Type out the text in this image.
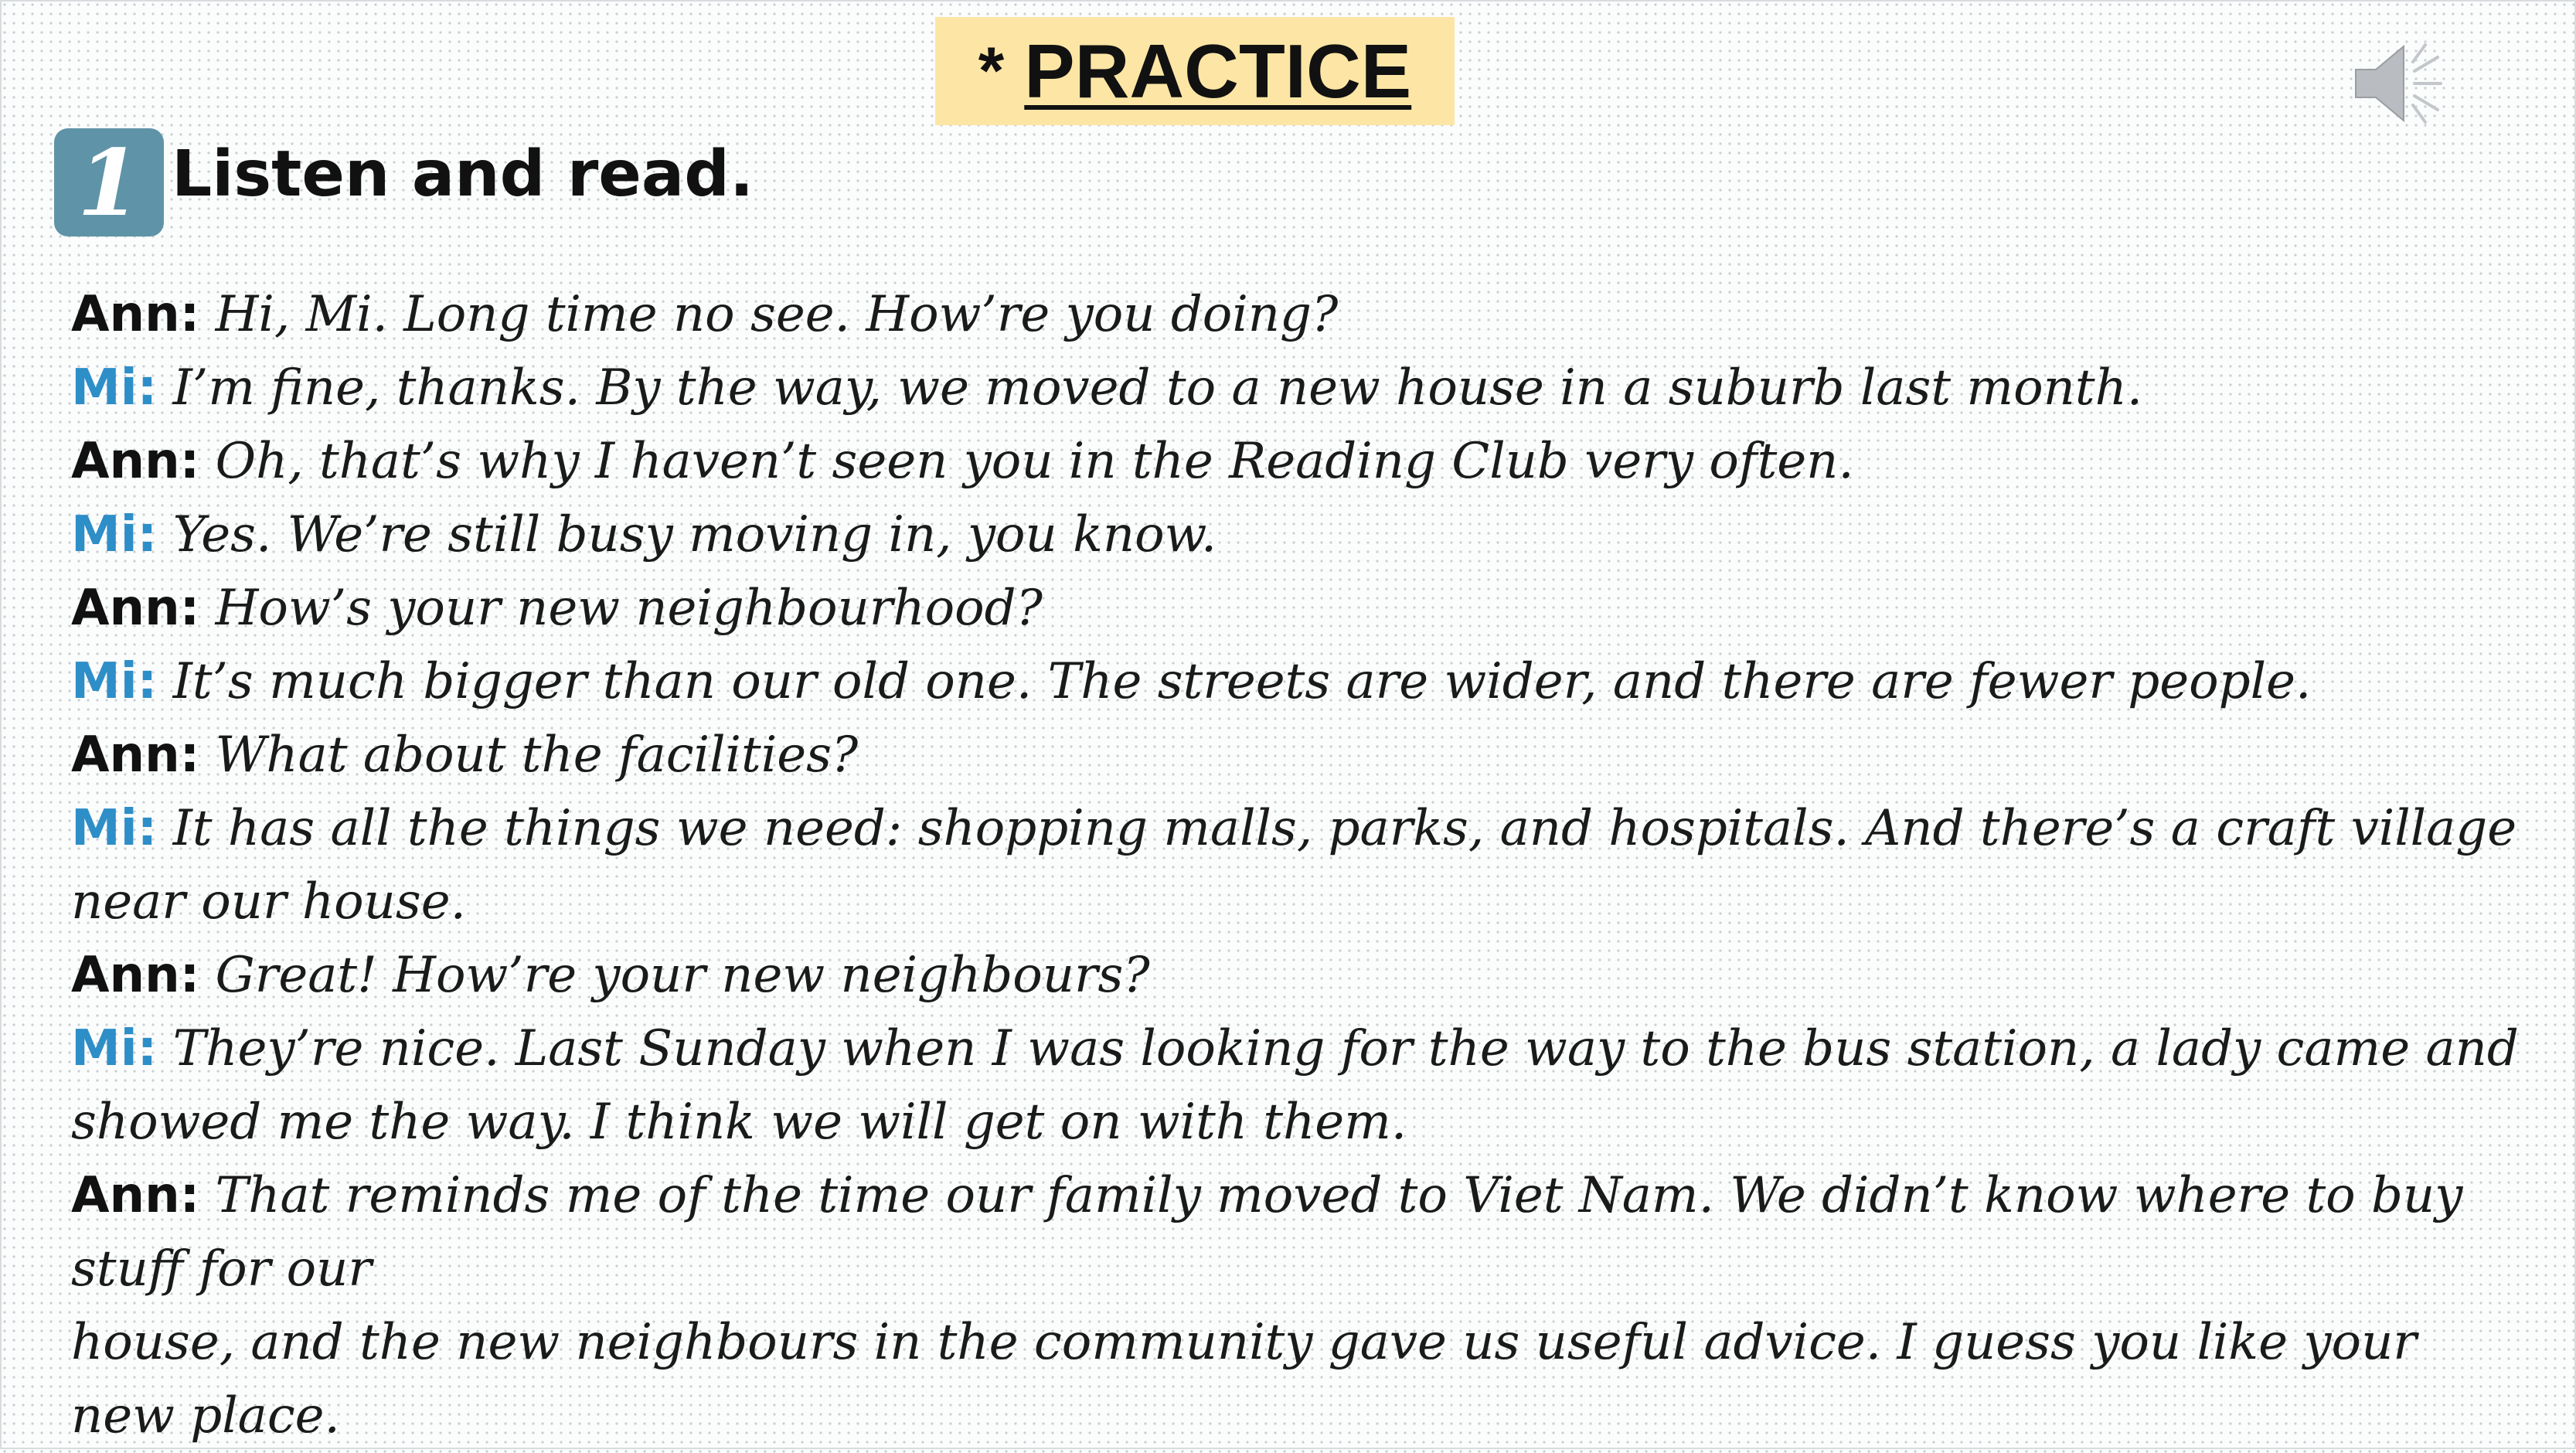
* PRACTICE
1 Listen and read.

Ann: Hi, Mi. Long time no see. How’re you doing?

Mi: I’m fine, thanks. By the way, we moved to a new house in a suburb last month.

Ann: Oh, that’s why I haven’t seen you in the Reading Club very often.

Mi: Yes. We’re still busy moving in, you know.

Ann: How’s your new neighbourhood?

Mi: It’s much bigger than our old one. The streets are wider, and there are fewer people.

Ann: What about the facilities?

Mi: It has all the things we need: shopping malls, parks, and hospitals. And there’s a craft village near our house.

Ann: Great! How’re your new neighbours?

Mi: They’re nice. Last Sunday when I was looking for the way to the bus station, a lady came and showed me the way. I think we will get on with them.

Ann: That reminds me of the time our family moved to Viet Nam. We didn’t know where to buy stuff for our

house, and the new neighbours in the community gave us useful advice. I guess you like your new place.
